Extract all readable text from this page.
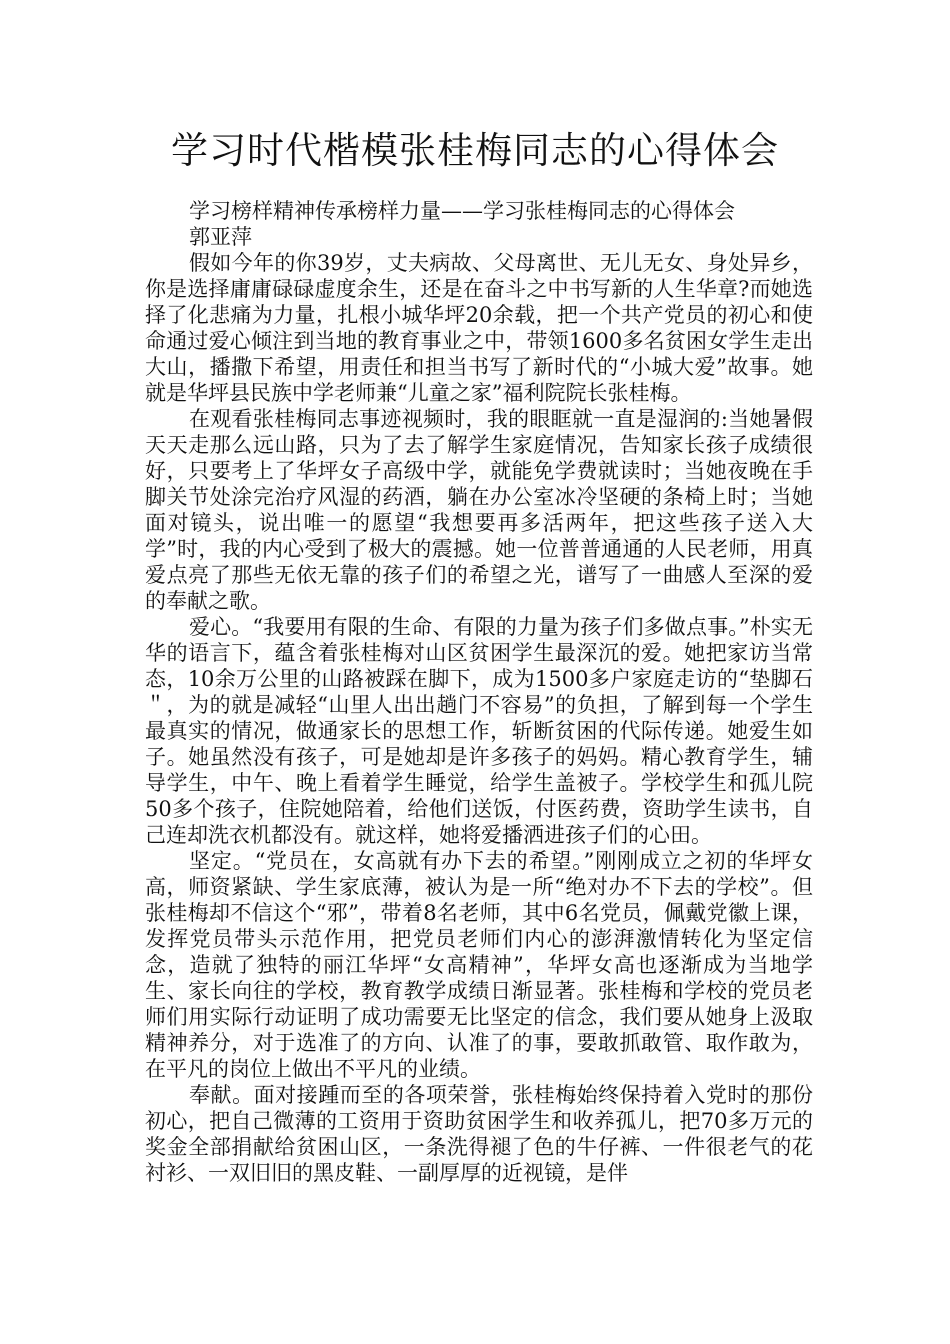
学习时代楷模张桂梅同志的心得体会

学习榜样精神传承榜样力量——学习张桂梅同志的心得体会

郭亚萍

假如今年的你39岁，丈夫病故、父母离世、无儿无女、身处异乡，你是选择庸庸碌碌虚度余生，还是在奋斗之中书写新的人生华章?而她选择了化悲痛为力量，扎根小城华坪20余载，把一个共产党员的初心和使命通过爱心倾注到当地的教育事业之中，带领1600多名贫困女学生走出大山，播撒下希望，用责任和担当书写了新时代的“小城大爱”故事。她就是华坪县民族中学老师兼“儿童之家”福利院院长张桂梅。

在观看张桂梅同志事迹视频时，我的眼眶就一直是湿润的:当她暑假天天走那么远山路，只为了去了解学生家庭情况，告知家长孩子成绩很好，只要考上了华坪女子高级中学，就能免学费就读时；当她夜晚在手脚关节处涂完治疗风湿的药酒，躺在办公室冰冷坚硬的条椅上时；当她面对镜头，说出唯一的愿望“我想要再多活两年，把这些孩子送入大学”时，我的内心受到了极大的震撼。她一位普普通通的人民老师，用真爱点亮了那些无依无靠的孩子们的希望之光，谱写了一曲感人至深的爱的奉献之歌。

爱心。“我要用有限的生命、有限的力量为孩子们多做点事。”朴实无华的语言下，蕴含着张桂梅对山区贫困学生最深沉的爱。她把家访当常态，10余万公里的山路被踩在脚下，成为1500多户家庭走访的“垫脚石＂，为的就是减轻“山里人出出趟门不容易”的负担，了解到每一个学生最真实的情况，做通家长的思想工作，斩断贫困的代际传递。她爱生如子。她虽然没有孩子，可是她却是许多孩子的妈妈。精心教育学生，辅导学生，中午、晚上看着学生睡觉，给学生盖被子。学校学生和孤儿院50多个孩子，住院她陪着，给他们送饭，付医药费，资助学生读书，自己连却洗衣机都没有。就这样，她将爱播洒进孩子们的心田。

坚定。“党员在，女高就有办下去的希望。”刚刚成立之初的华坪女高，师资紧缺、学生家底薄，被认为是一所“绝对办不下去的学校”。但张桂梅却不信这个“邪”，带着8名老师，其中6名党员，佩戴党徽上课，发挥党员带头示范作用，把党员老师们内心的澎湃激情转化为坚定信念，造就了独特的丽江华坪“女高精神”，华坪女高也逐渐成为当地学生、家长向往的学校，教育教学成绩日渐显著。张桂梅和学校的党员老师们用实际行动证明了成功需要无比坚定的信念，我们要从她身上汲取精神养分，对于选准了的方向、认准了的事，要敢抓敢管、取作敢为，在平凡的岗位上做出不平凡的业绩。

奉献。面对接踵而至的各项荣誉，张桂梅始终保持着入党时的那份初心，把自己微薄的工资用于资助贫困学生和收养孤儿，把70多万元的奖金全部捐献给贫困山区，一条洗得褪了色的牛仔裤、一件很老气的花衬衫、一双旧旧的黑皮鞋、一副厚厚的近视镜，是伴
